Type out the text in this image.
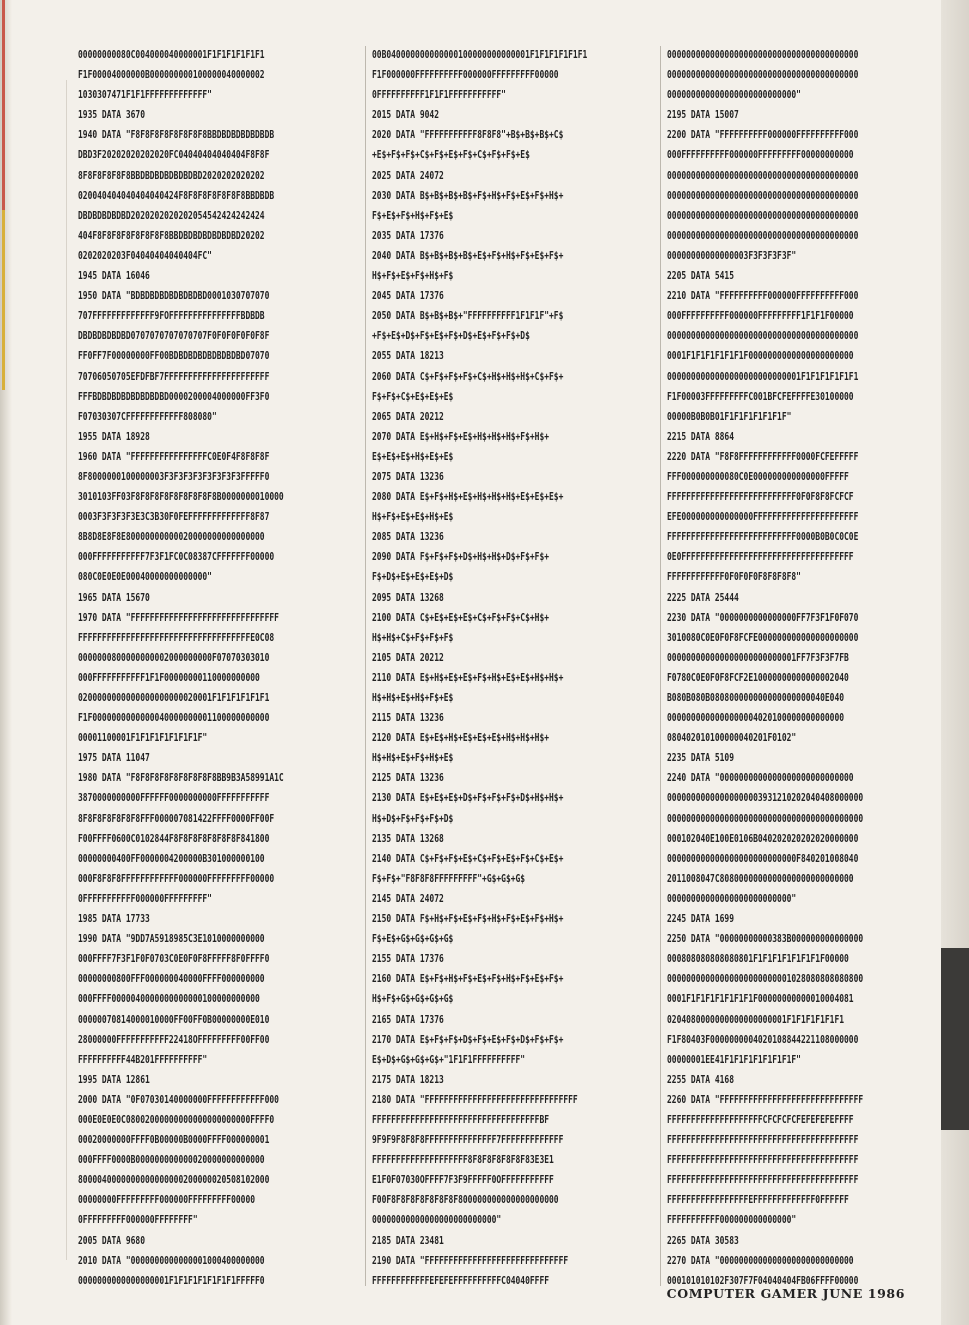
00000000080C004000040000001F1F1F1F1F1F1
F1F00004000000B000000000100000040000002
1030307471F1F1FFFFFFFFFFFFF"
1935 DATA 3670
1940 DATA "F8F8F8F8F8F8F8F8BBDBDBDBDBDBDB
DBD3F20202020202020FC04040404040404F8F8F
8F8F8F8F8F8BBDBDBDBDBDBDBD2020202020202
020040404040404040424F8F8F8F8F8F8F8BBDBDB
DBDBDBDBDBD2020202020202054542424242424
404F8F8F8F8F8F8F8F8BBDBDBDBDBDBDBD20202
0202020203F04040404040404FC"
1945 DATA 16046
1950 DATA "BDBDBDBDBDBDBDBD0001030707070
707FFFFFFFFFFFFF9FOFFFFFFFFFFFFFFFBDBDB
DBDBDBDBDBD0707070707070707F0F0F0F0F0F8F
FF0FF7F00000000FF00BDBDBDBDBDBDBDBD07070
70706050705EFDFBF7FFFFFFFFFFFFFFFFFFFFFF
FFFBDBDBDBDBDBDBDBD0000200004000000FF3F0
F07030307CFFFFFFFFFFFF808080"
1955 DATA 18928
1960 DATA "FFFFFFFFFFFFFFFFC0E0F4F8F8F8F
8F8000000100000003F3F3F3F3F3F3F3F3FFFFF0
3010103FF03F8F8F8F8F8F8F8F8F8B0000000010000
0003F3F3F3F3E3C3B30F0FEFFFFFFFFFFFFF8F87
8B8D8E8F8E80000000000020000000000000000
000FFFFFFFFFFF7F3F1FC0C08387CFFFFFFF00000
080C0E0E0E00040000000000000"
1965 DATA 15670
1970 DATA "FFFFFFFFFFFFFFFFFFFFFFFFFFFFFFF
FFFFFFFFFFFFFFFFFFFFFFFFFFFFFFFFFFFFE0C08
0000000800000000002000000000F07070303010
000FFFFFFFFFFF1F1F00000000110000000000
0200000000000000000000020001F1F1F1F1F1F1
F1F0000000000000040000000001100000000000
00001100001F1F1F1F1F1F1F1F"
1975 DATA 11047
1980 DATA "F8F8F8F8F8F8F8F8F8BB9B3A58991A1C
3870000000000FFFFFF0000000000FFFFFFFFFFF
8F8F8F8F8F8F8FFF000007081422FFFF0000FF00F
F00FFFF0600C0102844F8F8F8F8F8F8F8F841800
00000000400FF0000004200000B301000000100
000F8F8F8FFFFFFFFFFFF000000FFFFFFFFF00000
0FFFFFFFFFFF000000FFFFFFFFF"
1985 DATA 17733
1990 DATA "9DD7A5918985C3E1010000000000
000FFFF7F3F1F0F0703C0E0F0F8FFFFF8F0FFFF0
00000000800FFF000000040000FFFF000000000
000FFFF0000040000000000000100000000000
00000070814000010000FF00FF0B00000000E010
28000000FFFFFFFFFFF22418OFFFFFFFFF00FF00
FFFFFFFFFF44B201FFFFFFFFFF"
1995 DATA 12861
2000 DATA "0F07030140000000FFFFFFFFFFFF000
000E0E0E0C08002000000000000000000000FFFF0
00020000000FFFF0B00000B0000FFFF000000001
000FFFF0000B000000000000020000000000000
8000040000000000000000200000020508102000
00000000FFFFFFFFF000000FFFFFFFFF00000
0FFFFFFFFF000000FFFFFFFF"
2005 DATA 9680
2010 DATA "0000000000000001000400000000
0000000000000000001F1F1F1F1F1F1F1FFFFF0
00B040000000000000100000000000001F1F1F1F1F1F1
F1F000000FFFFFFFFFF000000FFFFFFFFF00000
0FFFFFFFFFF1F1F1FFFFFFFFFFF"
2015 DATA 9042
2020 DATA "FFFFFFFFFFF8F8F8"+B$+B$+B$+C$
+E$+F$+F$+C$+F$+E$+F$+C$+F$+F$+E$
2025 DATA 24072
2030 DATA B$+B$+B$+B$+F$+H$+F$+E$+F$+H$+
F$+E$+F$+H$+F$+E$
2035 DATA 17376
2040 DATA B$+B$+B$+B$+E$+F$+H$+F$+E$+F$+
H$+F$+E$+F$+H$+F$
2045 DATA 17376
2050 DATA B$+B$+B$+"FFFFFFFFFF1F1F1F"+F$
+F$+E$+D$+F$+E$+F$+D$+E$+F$+F$+D$
2055 DATA 18213
2060 DATA C$+F$+F$+F$+C$+H$+H$+H$+C$+F$+
F$+F$+C$+E$+E$+E$
2065 DATA 20212
2070 DATA E$+H$+F$+E$+H$+H$+H$+F$+H$+
E$+E$+E$+H$+E$+E$
2075 DATA 13236
2080 DATA E$+F$+H$+E$+H$+H$+H$+E$+E$+E$+
H$+F$+E$+E$+H$+E$
2085 DATA 13236
2090 DATA F$+F$+F$+D$+H$+H$+D$+F$+F$+
F$+D$+E$+E$+E$+D$
2095 DATA 13268
2100 DATA C$+E$+E$+E$+C$+F$+F$+C$+H$+
H$+H$+C$+F$+F$+F$
2105 DATA 20212
2110 DATA E$+H$+E$+E$+F$+H$+E$+E$+H$+H$+
H$+H$+E$+H$+F$+E$
2115 DATA 13236
2120 DATA E$+E$+H$+E$+E$+E$+H$+H$+H$+
H$+H$+E$+F$+H$+E$
2125 DATA 13236
2130 DATA E$+E$+E$+D$+F$+F$+F$+D$+H$+H$+
H$+D$+F$+F$+F$+D$
2135 DATA 13268
2140 DATA C$+F$+F$+E$+C$+F$+E$+F$+C$+E$+
F$+F$+"F8F8F8FFFFFFFFF"+G$+G$+G$
2145 DATA 24072
2150 DATA F$+H$+F$+E$+F$+H$+F$+E$+F$+H$+
F$+E$+G$+G$+G$+G$
2155 DATA 17376
2160 DATA E$+F$+H$+F$+E$+F$+H$+F$+E$+F$+
H$+F$+G$+G$+G$+G$
2165 DATA 17376
2170 DATA E$+F$+F$+D$+F$+E$+F$+D$+F$+F$+
E$+D$+G$+G$+G$+"1F1F1FFFFFFFFFF"
2175 DATA 18213
2180 DATA "FFFFFFFFFFFFFFFFFFFFFFFFFFFFFFFF
FFFFFFFFFFFFFFFFFFFFFFFFFFFFFFFFFFFBF
9F9F9F8F8F8FFFFFFFFFFFFFFF7FFFFFFFFFFFFF
FFFFFFFFFFFFFFFFFFFF8F8F8F8F8F8F83E3E1
E1F0F07030OFFFF7F3F9FFFFF0OFFFFFFFFFFF
F00F8F8F8F8F8F8F8F800000000000000000000
00000000000000000000000000"
2185 DATA 23481
2190 DATA "FFFFFFFFFFFFFFFFFFFFFFFFFFFFFF
FFFFFFFFFFFFEFEFEFFFFFFFFFFC04040FFFF
0000000000000000000000000000000000000000
0000000000000000000000000000000000000000
000000000000000000000000000"
2195 DATA 15007
2200 DATA "FFFFFFFFFF000000FFFFFFFFFF000
000FFFFFFFFFF000000FFFFFFFFF00000000000
0000000000000000000000000000000000000000
0000000000000000000000000000000000000000
0000000000000000000000000000000000000000
0000000000000000000000000000000000000000
00000000000000003F3F3F3F3F"
2205 DATA 5415
2210 DATA "FFFFFFFFFF000000FFFFFFFFFF000
000FFFFFFFFFF000000FFFFFFFFF1F1F1F00000
0000000000000000000000000000000000000000
0001F1F1F1F1F1F1F0000000000000000000000
0000000000000000000000000001F1F1F1F1F1F1
F1F00003FFFFFFFFFC001BFCFEFFFFE30100000
00000B0B0B01F1F1F1F1F1F1F"
2215 DATA 8864
2220 DATA "F8F8FFFFFFFFFFFF0000FCFEFFFFF
FFF000000000080C0E000000000000000FFFFF
FFFFFFFFFFFFFFFFFFFFFFFFFFF0F0F8F8FCFCF
EFE000000000000000FFFFFFFFFFFFFFFFFFFFFF
FFFFFFFFFFFFFFFFFFFFFFFFFFF0000B0B0C0C0E
0E0FFFFFFFFFFFFFFFFFFFFFFFFFFFFFFFFFFFF
FFFFFFFFFFFF0F0F0F0F8F8F8F8"
2225 DATA 25444
2230 DATA "0000000000000000FF7F3F1F0F070
3010080C0E0F0F8FCFE000000000000000000000
000000000000000000000000001FF7F3F3F7FB
F0780C0E0F0F8FCF2E10000000000000002040
B080B080B080800000000000000000040E040
0000000000000000004020100000000000000
080402010100000040201F0102"
2235 DATA 5109
2240 DATA "0000000000000000000000000000
00000000000000000003931210202040408000000
00000000000000000000000000000000000000000
000102040E100E0106B040202020202020000000
000000000000000000000000000F840201008040
2011008047C8080000000000000000000000000
00000000000000000000000000"
2245 DATA 1699
2250 DATA "00000000000383B000000000000000
000808080808080801F1F1F1F1F1F1F1F00000
00000000000000000000000001028080808080800
0001F1F1F1F1F1F1F1F00000000000010004081
0204080000000000000000001F1F1F1F1F1F1
F1F80403F0000000004020108844221108000000
00000001EE41F1F1F1F1F1F1F1F"
2255 DATA 4168
2260 DATA "FFFFFFFFFFFFFFFFFFFFFFFFFFFFFF
FFFFFFFFFFFFFFFFFFFFCFCFCFCFEFEFEFEFFFF
FFFFFFFFFFFFFFFFFFFFFFFFFFFFFFFFFFFFFFFF
FFFFFFFFFFFFFFFFFFFFFFFFFFFFFFFFFFFFFFFF
FFFFFFFFFFFFFFFFFFFFFFFFFFFFFFFFFFFFFFFF
FFFFFFFFFFFFFFFFFEFFFFFFFFFFFFF0FFFFFF
FFFFFFFFFFF000000000000000"
2265 DATA 30583
2270 DATA "0000000000000000000000000000
000101010102F307F7F04040404FB06FFFF00000
COMPUTER GAMER JUNE 1986
